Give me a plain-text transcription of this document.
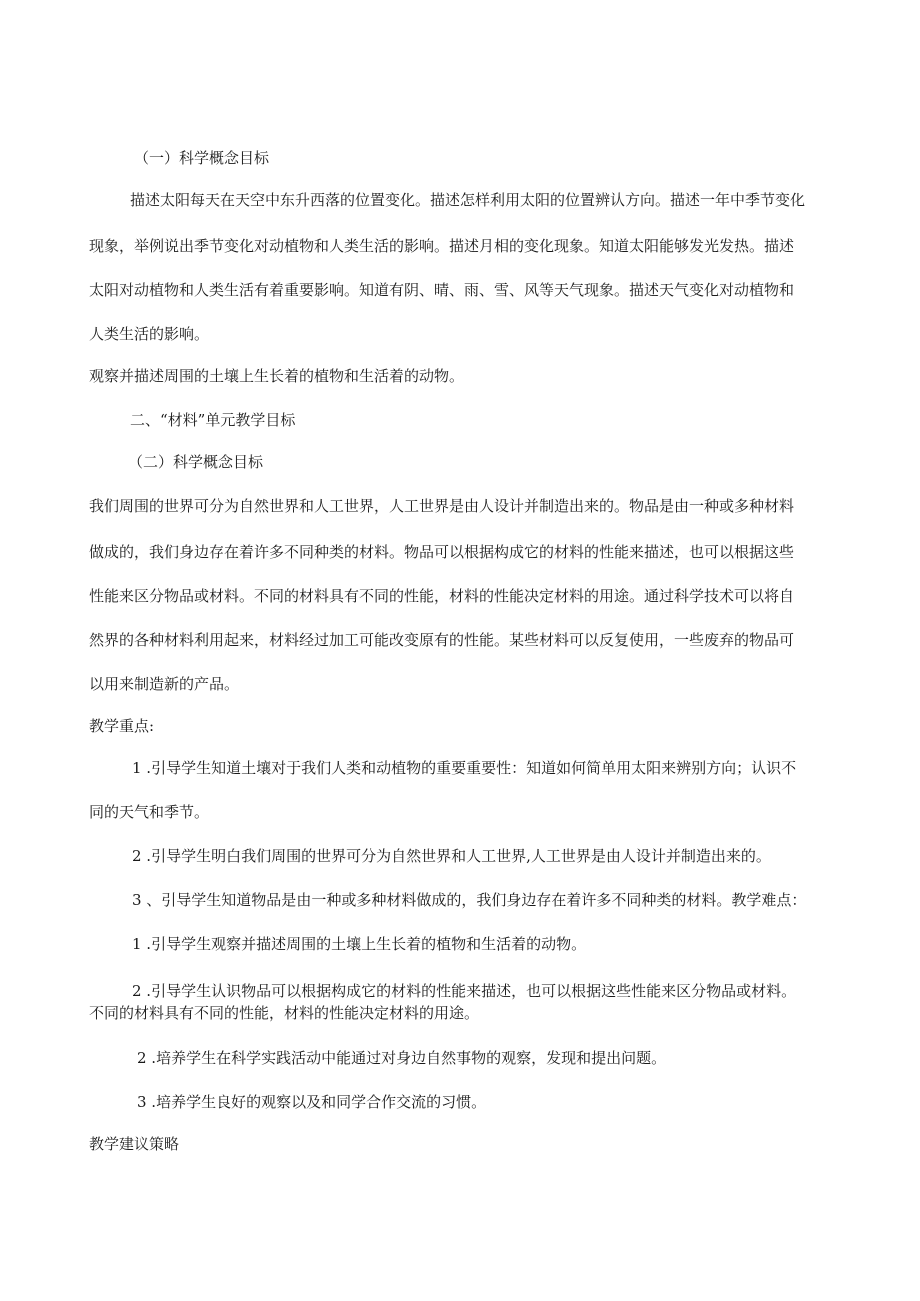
（一）科学概念目标

描述太阳每天在天空中东升西落的位置变化。描述怎样利用太阳的位置辨认方向。描述一年中季节变化

现象，举例说出季节变化对动植物和人类生活的影响。描述月相的变化现象。知道太阳能够发光发热。描述

太阳对动植物和人类生活有着重要影响。知道有阴、晴、雨、雪、风等天气现象。描述天气变化对动植物和

人类生活的影响。

观察并描述周围的土壤上生长着的植物和生活着的动物。

二、“材料”单元教学目标

（二）科学概念目标

我们周围的世界可分为自然世界和人工世界，人工世界是由人设计并制造出来的。物品是由一种或多种材料

做成的，我们身边存在着许多不同种类的材料。物品可以根据构成它的材料的性能来描述，也可以根据这些

性能来区分物品或材料。不同的材料具有不同的性能，材料的性能决定材料的用途。通过科学技术可以将自

然界的各种材料利用起来，材料经过加工可能改变原有的性能。某些材料可以反复使用，一些废弃的物品可

以用来制造新的产品。

教学重点:

1 .引导学生知道土壤对于我们人类和动植物的重要重要性：知道如何简单用太阳来辨别方向；认识不

同的天气和季节。

2 .引导学生明白我们周围的世界可分为自然世界和人工世界,人工世界是由人设计并制造出来的。

3 、引导学生知道物品是由一种或多种材料做成的，我们身边存在着许多不同种类的材料。教学难点：

1 .引导学生观察并描述周围的土壤上生长着的植物和生活着的动物。

2 .引导学生认识物品可以根据构成它的材料的性能来描述，也可以根据这些性能来区分物品或材料。

不同的材料具有不同的性能，材料的性能决定材料的用途。

2 .培养学生在科学实践活动中能通过对身边自然事物的观察，发现和提出问题。

3 .培养学生良好的观察以及和同学合作交流的习惯。

教学建议策略
